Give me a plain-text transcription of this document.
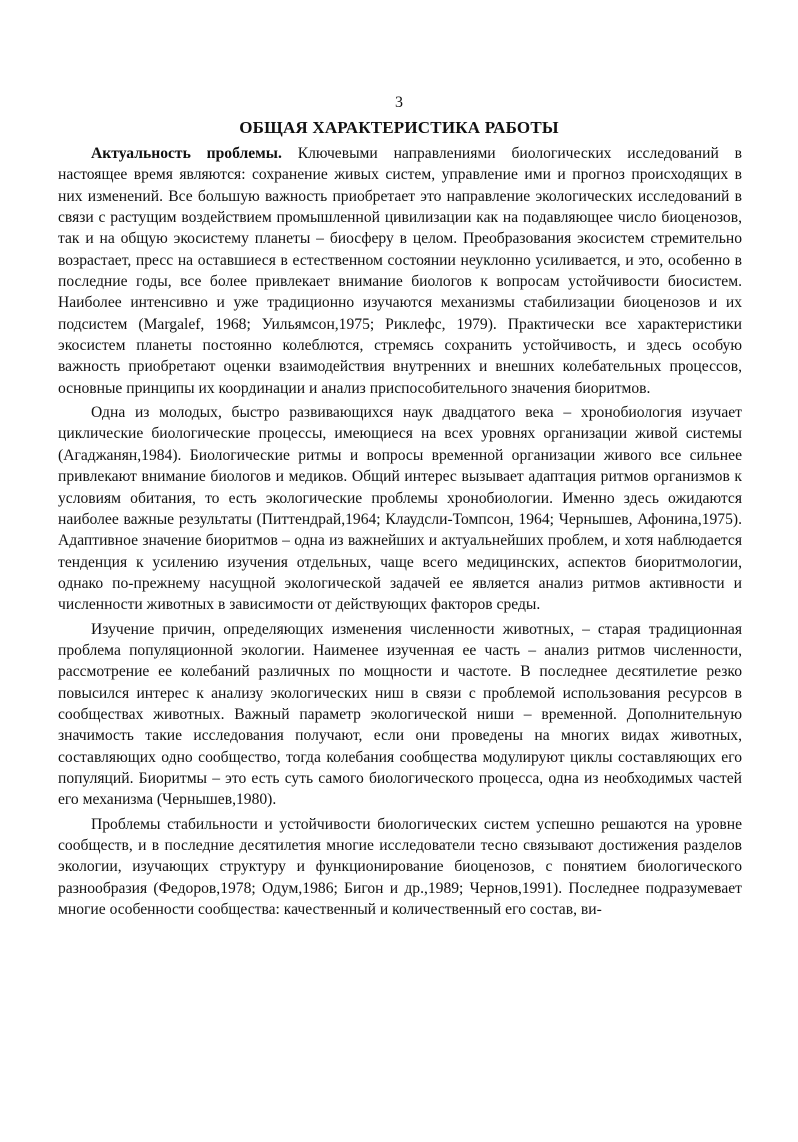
3
ОБЩАЯ ХАРАКТЕРИСТИКА РАБОТЫ

Актуальность проблемы. Ключевыми направлениями биологических исследований в настоящее время являются: сохранение живых систем, управление ими и прогноз происходящих в них изменений. Все большую важность приобретает это направление экологических исследований в связи с растущим воздействием промышленной цивилизации как на подавляющее число биоценозов, так и на общую экосистему планеты – биосферу в целом. Преобразования экосистем стремительно возрастает, пресс на оставшиеся в естественном состоянии неуклонно усиливается, и это, особенно в последние годы, все более привлекает внимание биологов к вопросам устойчивости биосистем. Наиболее интенсивно и уже традиционно изучаются механизмы стабилизации биоценозов и их подсистем (Margalef, 1968; Уильямсон,1975; Риклефс, 1979). Практически все характеристики экосистем планеты постоянно колеблются, стремясь сохранить устойчивость, и здесь особую важность приобретают оценки взаимодействия внутренних и внешних колебательных процессов, основные принципы их координации и анализ приспособительного значения биоритмов.

Одна из молодых, быстро развивающихся наук двадцатого века – хронобиология изучает циклические биологические процессы, имеющиеся на всех уровнях организации живой системы (Агаджанян,1984). Биологические ритмы и вопросы временной организации живого все сильнее привлекают внимание биологов и медиков. Общий интерес вызывает адаптация ритмов организмов к условиям обитания, то есть экологические проблемы хронобиологии. Именно здесь ожидаются наиболее важные результаты (Питтендрай,1964; Клаудсли-Томпсон, 1964; Чернышев, Афонина,1975). Адаптивное значение биоритмов – одна из важнейших и актуальнейших проблем, и хотя наблюдается тенденция к усилению изучения отдельных, чаще всего медицинских, аспектов биоритмологии, однако по-прежнему насущной экологической задачей ее является анализ ритмов активности и численности животных в зависимости от действующих факторов среды.

Изучение причин, определяющих изменения численности животных, – старая традиционная проблема популяционной экологии. Наименее изученная ее часть – анализ ритмов численности, рассмотрение ее колебаний различных по мощности и частоте. В последнее десятилетие резко повысился интерес к анализу экологических ниш в связи с проблемой использования ресурсов в сообществах животных. Важный параметр экологической ниши – временной. Дополнительную значимость такие исследования получают, если они проведены на многих видах животных, составляющих одно сообщество, тогда колебания сообщества модулируют циклы составляющих его популяций. Биоритмы – это есть суть самого биологического процесса, одна из необходимых частей его механизма (Чернышев,1980).

Проблемы стабильности и устойчивости биологических систем успешно решаются на уровне сообществ, и в последние десятилетия многие исследователи тесно связывают достижения разделов экологии, изучающих структуру и функционирование биоценозов, с понятием биологического разнообразия (Федоров,1978; Одум,1986; Бигон и др.,1989; Чернов,1991). Последнее подразумевает многие особенности сообщества: качественный и количественный его состав, ви-
